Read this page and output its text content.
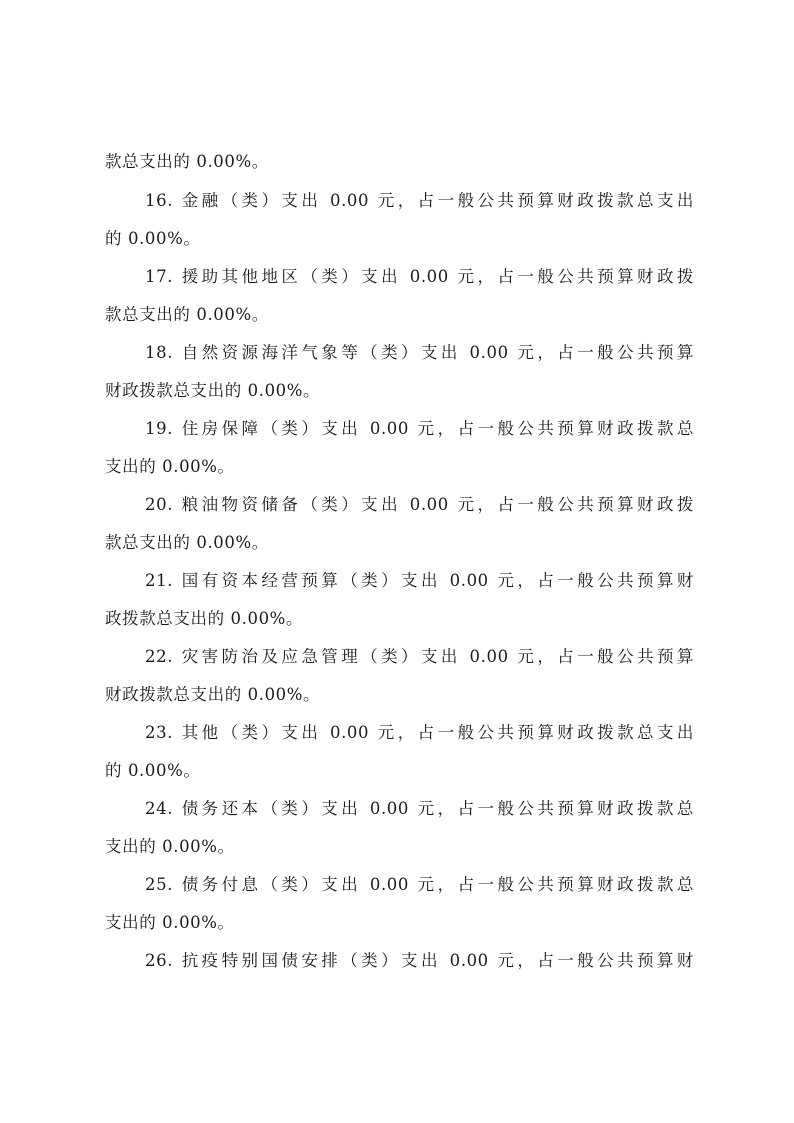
款总支出的 0.00%。
16. 金融（类）支出 0.00 元，占一般公共预算财政拨款总支出
的 0.00%。
17. 援助其他地区（类）支出 0.00 元，占一般公共预算财政拨
款总支出的 0.00%。
18. 自然资源海洋气象等（类）支出 0.00 元，占一般公共预算
财政拨款总支出的 0.00%。
19. 住房保障（类）支出 0.00 元，占一般公共预算财政拨款总
支出的 0.00%。
20. 粮油物资储备（类）支出 0.00 元，占一般公共预算财政拨
款总支出的 0.00%。
21. 国有资本经营预算（类）支出 0.00 元，占一般公共预算财
政拨款总支出的 0.00%。
22. 灾害防治及应急管理（类）支出 0.00 元，占一般公共预算
财政拨款总支出的 0.00%。
23. 其他（类）支出 0.00 元，占一般公共预算财政拨款总支出
的 0.00%。
24. 债务还本（类）支出 0.00 元，占一般公共预算财政拨款总
支出的 0.00%。
25. 债务付息（类）支出 0.00 元，占一般公共预算财政拨款总
支出的 0.00%。
26. 抗疫特别国债安排（类）支出 0.00 元，占一般公共预算财
